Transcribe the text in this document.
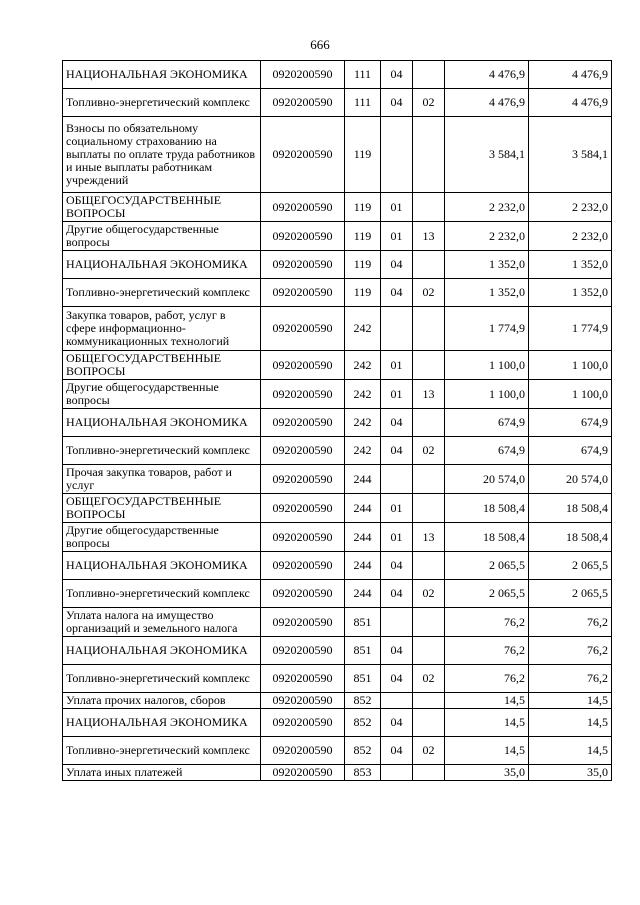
666
НАЦИОНАЛЬНАЯ ЭКОНОМИКА	0920200590	111	04		4 476,9	4 476,9
Топливно-энергетический комплекс	0920200590	111	04	02	4 476,9	4 476,9
Взносы по обязательному социальному страхованию на выплаты по оплате труда работников и иные выплаты работникам учреждений	0920200590	119			3 584,1	3 584,1
ОБЩЕГОСУДАРСТВЕННЫЕ ВОПРОСЫ	0920200590	119	01		2 232,0	2 232,0
Другие общегосударственные вопросы	0920200590	119	01	13	2 232,0	2 232,0
НАЦИОНАЛЬНАЯ ЭКОНОМИКА	0920200590	119	04		1 352,0	1 352,0
Топливно-энергетический комплекс	0920200590	119	04	02	1 352,0	1 352,0
Закупка товаров, работ, услуг в сфере информационно-коммуникационных технологий	0920200590	242			1 774,9	1 774,9
ОБЩЕГОСУДАРСТВЕННЫЕ ВОПРОСЫ	0920200590	242	01		1 100,0	1 100,0
Другие общегосударственные вопросы	0920200590	242	01	13	1 100,0	1 100,0
НАЦИОНАЛЬНАЯ ЭКОНОМИКА	0920200590	242	04		674,9	674,9
Топливно-энергетический комплекс	0920200590	242	04	02	674,9	674,9
Прочая закупка товаров, работ и услуг	0920200590	244			20 574,0	20 574,0
ОБЩЕГОСУДАРСТВЕННЫЕ ВОПРОСЫ	0920200590	244	01		18 508,4	18 508,4
Другие общегосударственные вопросы	0920200590	244	01	13	18 508,4	18 508,4
НАЦИОНАЛЬНАЯ ЭКОНОМИКА	0920200590	244	04		2 065,5	2 065,5
Топливно-энергетический комплекс	0920200590	244	04	02	2 065,5	2 065,5
Уплата налога на имущество организаций и земельного налога	0920200590	851			76,2	76,2
НАЦИОНАЛЬНАЯ ЭКОНОМИКА	0920200590	851	04		76,2	76,2
Топливно-энергетический комплекс	0920200590	851	04	02	76,2	76,2
Уплата прочих налогов, сборов	0920200590	852			14,5	14,5
НАЦИОНАЛЬНАЯ ЭКОНОМИКА	0920200590	852	04		14,5	14,5
Топливно-энергетический комплекс	0920200590	852	04	02	14,5	14,5
Уплата иных платежей	0920200590	853			35,0	35,0
